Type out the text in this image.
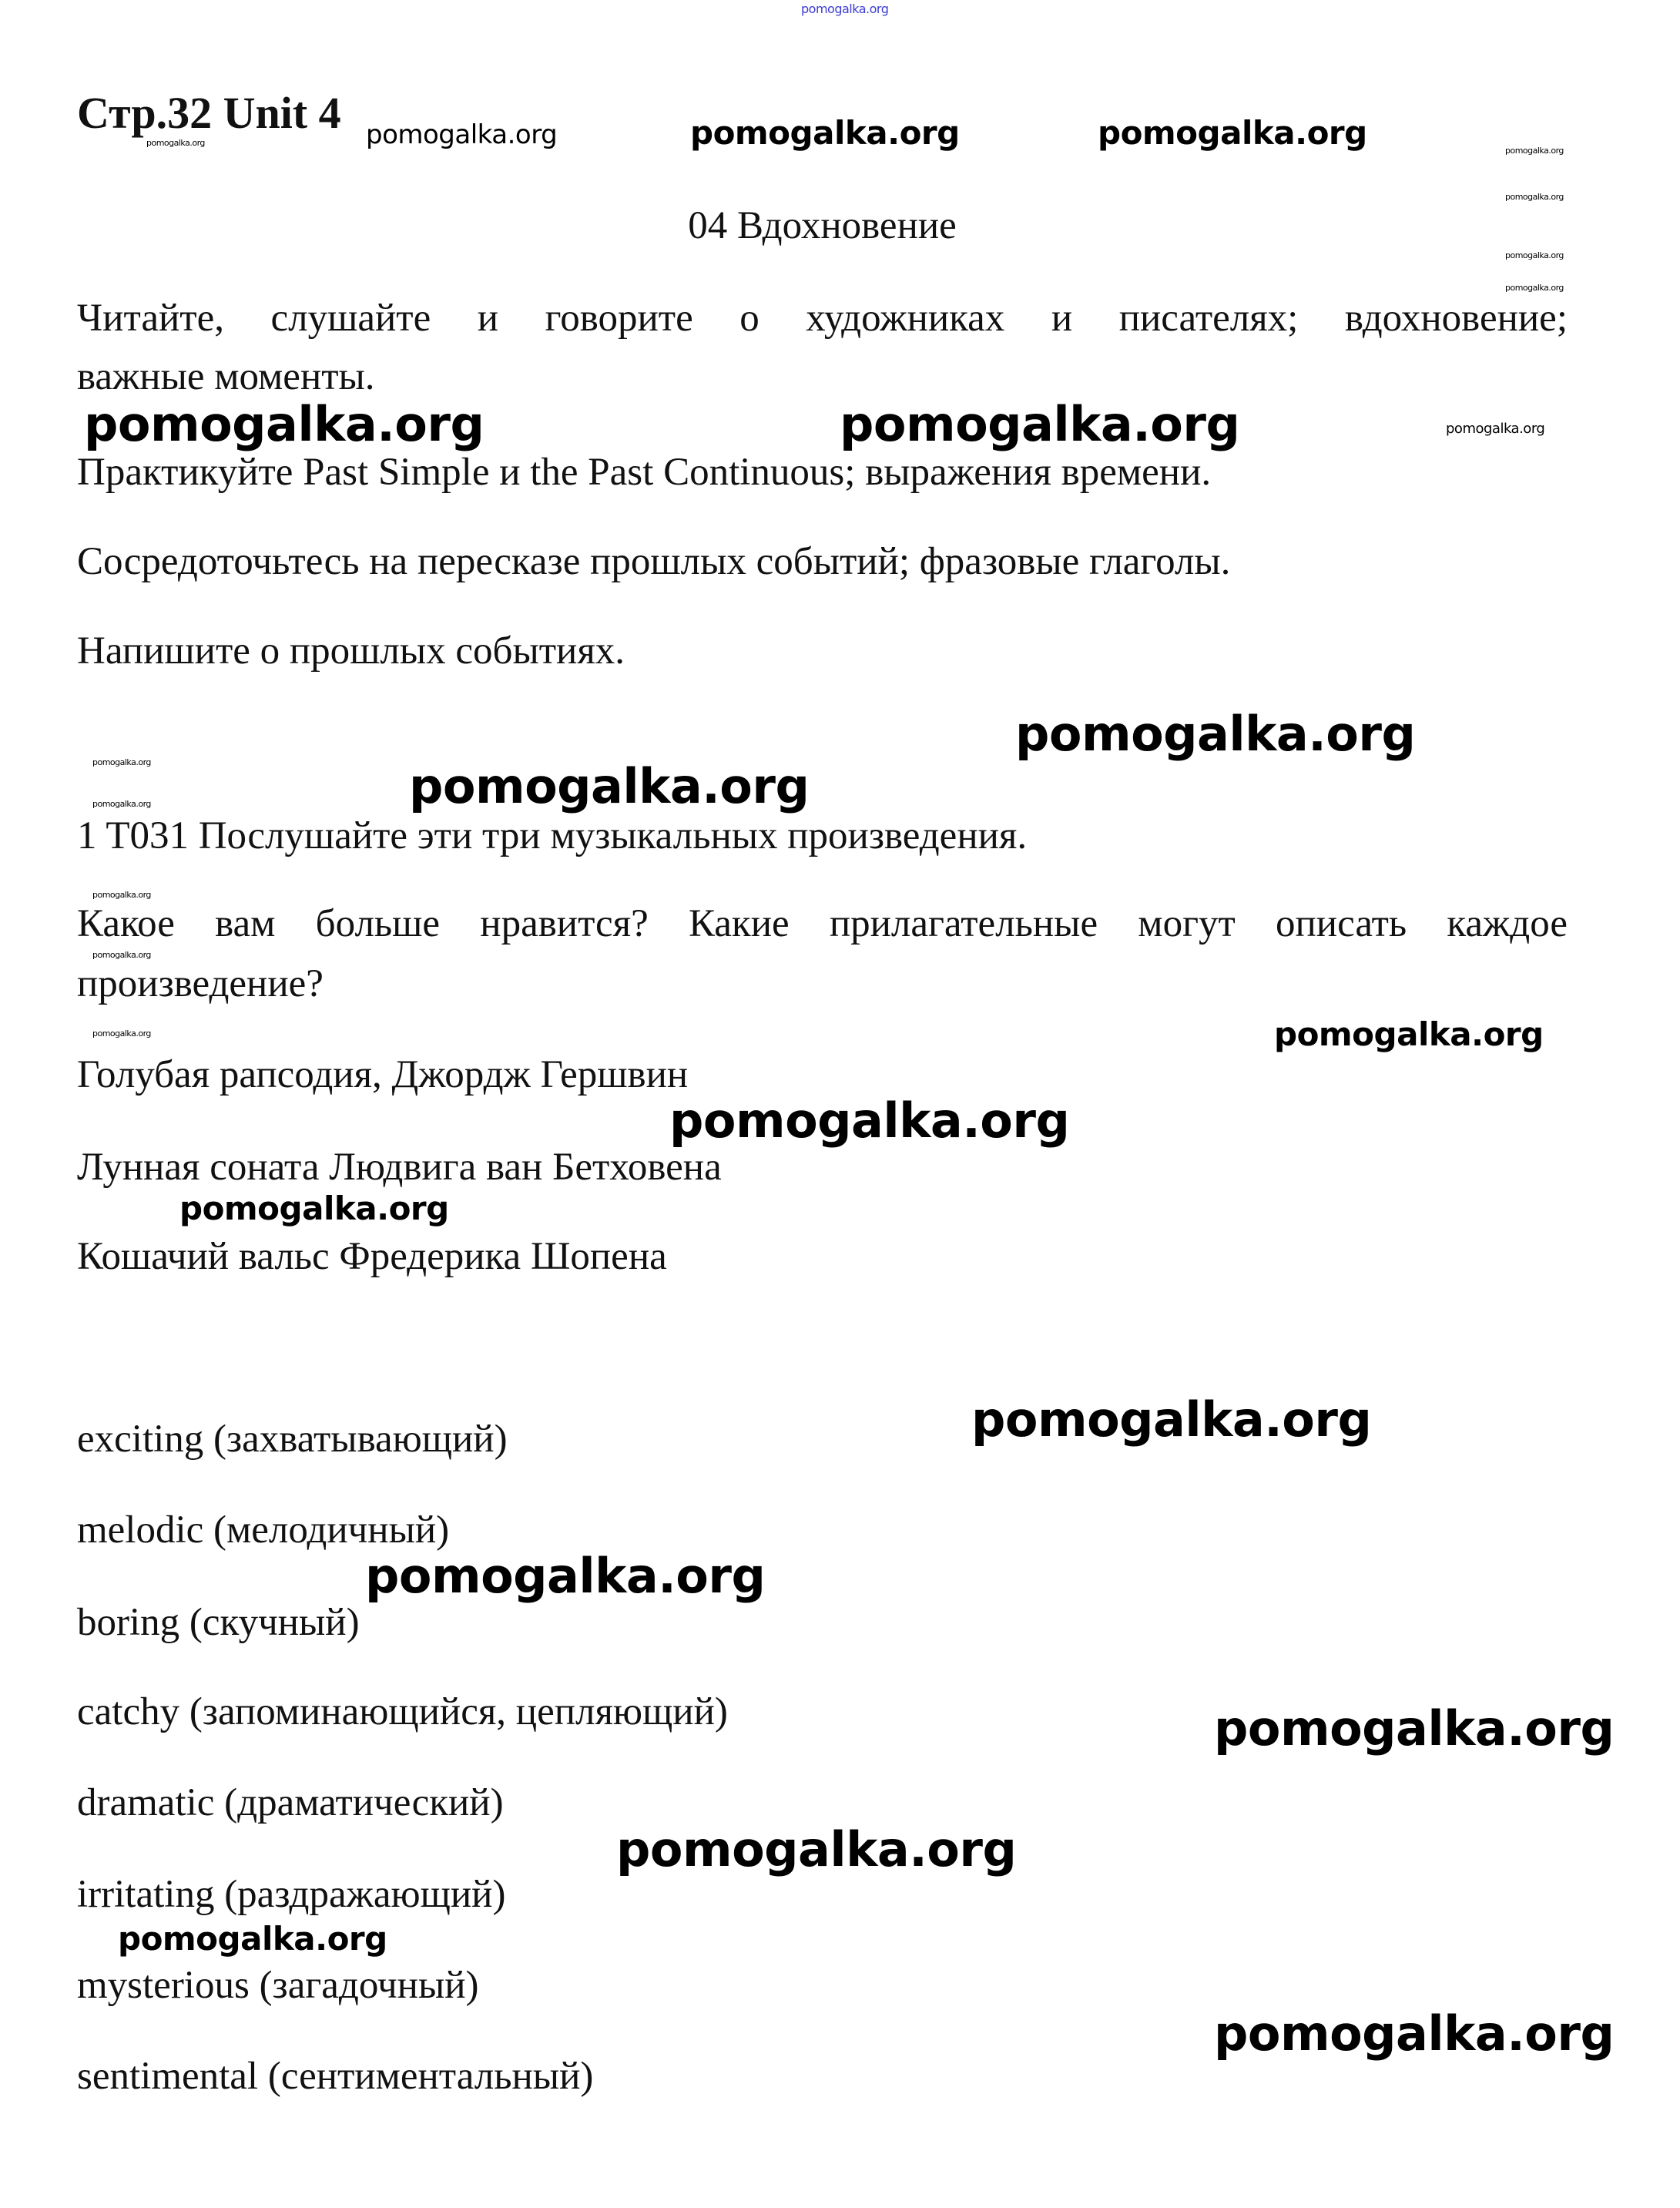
pomogalka.org
Стр.32 Unit 4
pomogalka.org	pomogalka.org	pomogalka.org	pomogalka.org	pomogalka.org
pomogalka.org
pomogalka.org
pomogalka.org
04 Вдохновение
Читайте, слушайте и говорите о художниках и писателях; вдохновение;
важные моменты.
pomogalka.org	pomogalka.org	pomogalka.org
Практикуйте Past Simple и the Past Continuous; выражения времени.
Сосредоточьтесь на пересказе прошлых событий; фразовые глаголы.
Напишите о прошлых событиях.
pomogalka.org
pomogalka.org	pomogalka.org
pomogalka.org
1 T031 Послушайте эти три музыкальных произведения.
pomogalka.org
Какое вам больше нравится? Какие прилагательные могут описать каждое
pomogalka.org
произведение?
pomogalka.org	pomogalka.org
Голубая рапсодия, Джордж Гершвин
pomogalka.org
Лунная соната Людвига ван Бетховена
pomogalka.org
Кошачий вальс Фредерика Шопена
exciting (захватывающий)	pomogalka.org
melodic (мелодичный)
pomogalka.org
boring (скучный)
catchy (запоминающийся, цепляющий)	pomogalka.org
dramatic (драматический)
pomogalka.org
irritating (раздражающий)
pomogalka.org
mysterious (загадочный)
pomogalka.org
sentimental (сентиментальный)
